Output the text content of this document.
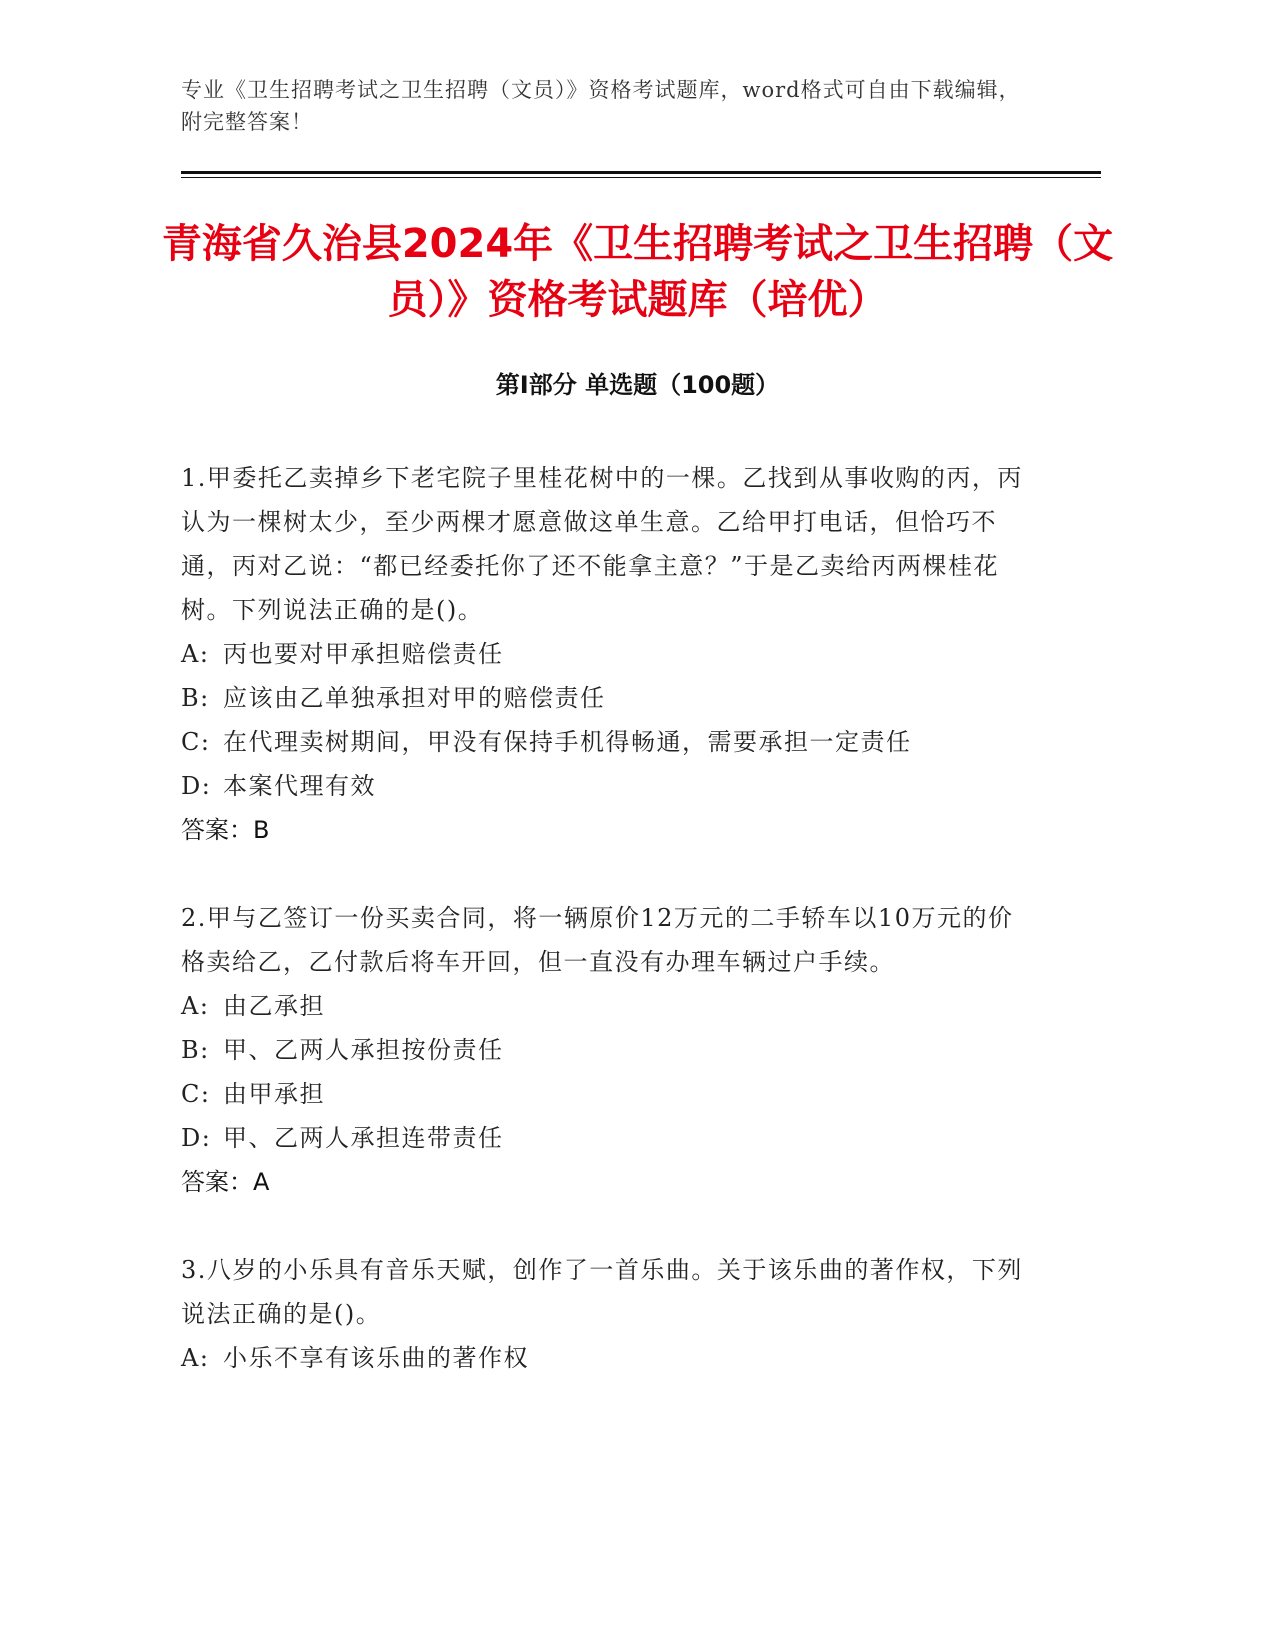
专业《卫生招聘考试之卫生招聘（文员）》资格考试题库，word格式可自由下载编辑，附完整答案！
青海省久治县2024年《卫生招聘考试之卫生招聘（文员）》资格考试题库（培优）
第Ⅰ部分 单选题（100题）

1.甲委托乙卖掉乡下老宅院子里桂花树中的一棵。乙找到从事收购的丙，丙认为一棵树太少，至少两棵才愿意做这单生意。乙给甲打电话，但恰巧不通，丙对乙说：“都已经委托你了还不能拿主意？”于是乙卖给丙两棵桂花树。下列说法正确的是()。

A: 丙也要对甲承担赔偿责任

B: 应该由乙单独承担对甲的赔偿责任

C: 在代理卖树期间，甲没有保持手机得畅通，需要承担一定责任

D: 本案代理有效

答案：B

2.甲与乙签订一份买卖合同，将一辆原价12万元的二手轿车以10万元的价格卖给乙，乙付款后将车开回，但一直没有办理车辆过户手续。

A: 由乙承担

B: 甲、乙两人承担按份责任

C: 由甲承担

D: 甲、乙两人承担连带责任

答案：A

3.八岁的小乐具有音乐天赋，创作了一首乐曲。关于该乐曲的著作权，下列说法正确的是()。

A: 小乐不享有该乐曲的著作权
